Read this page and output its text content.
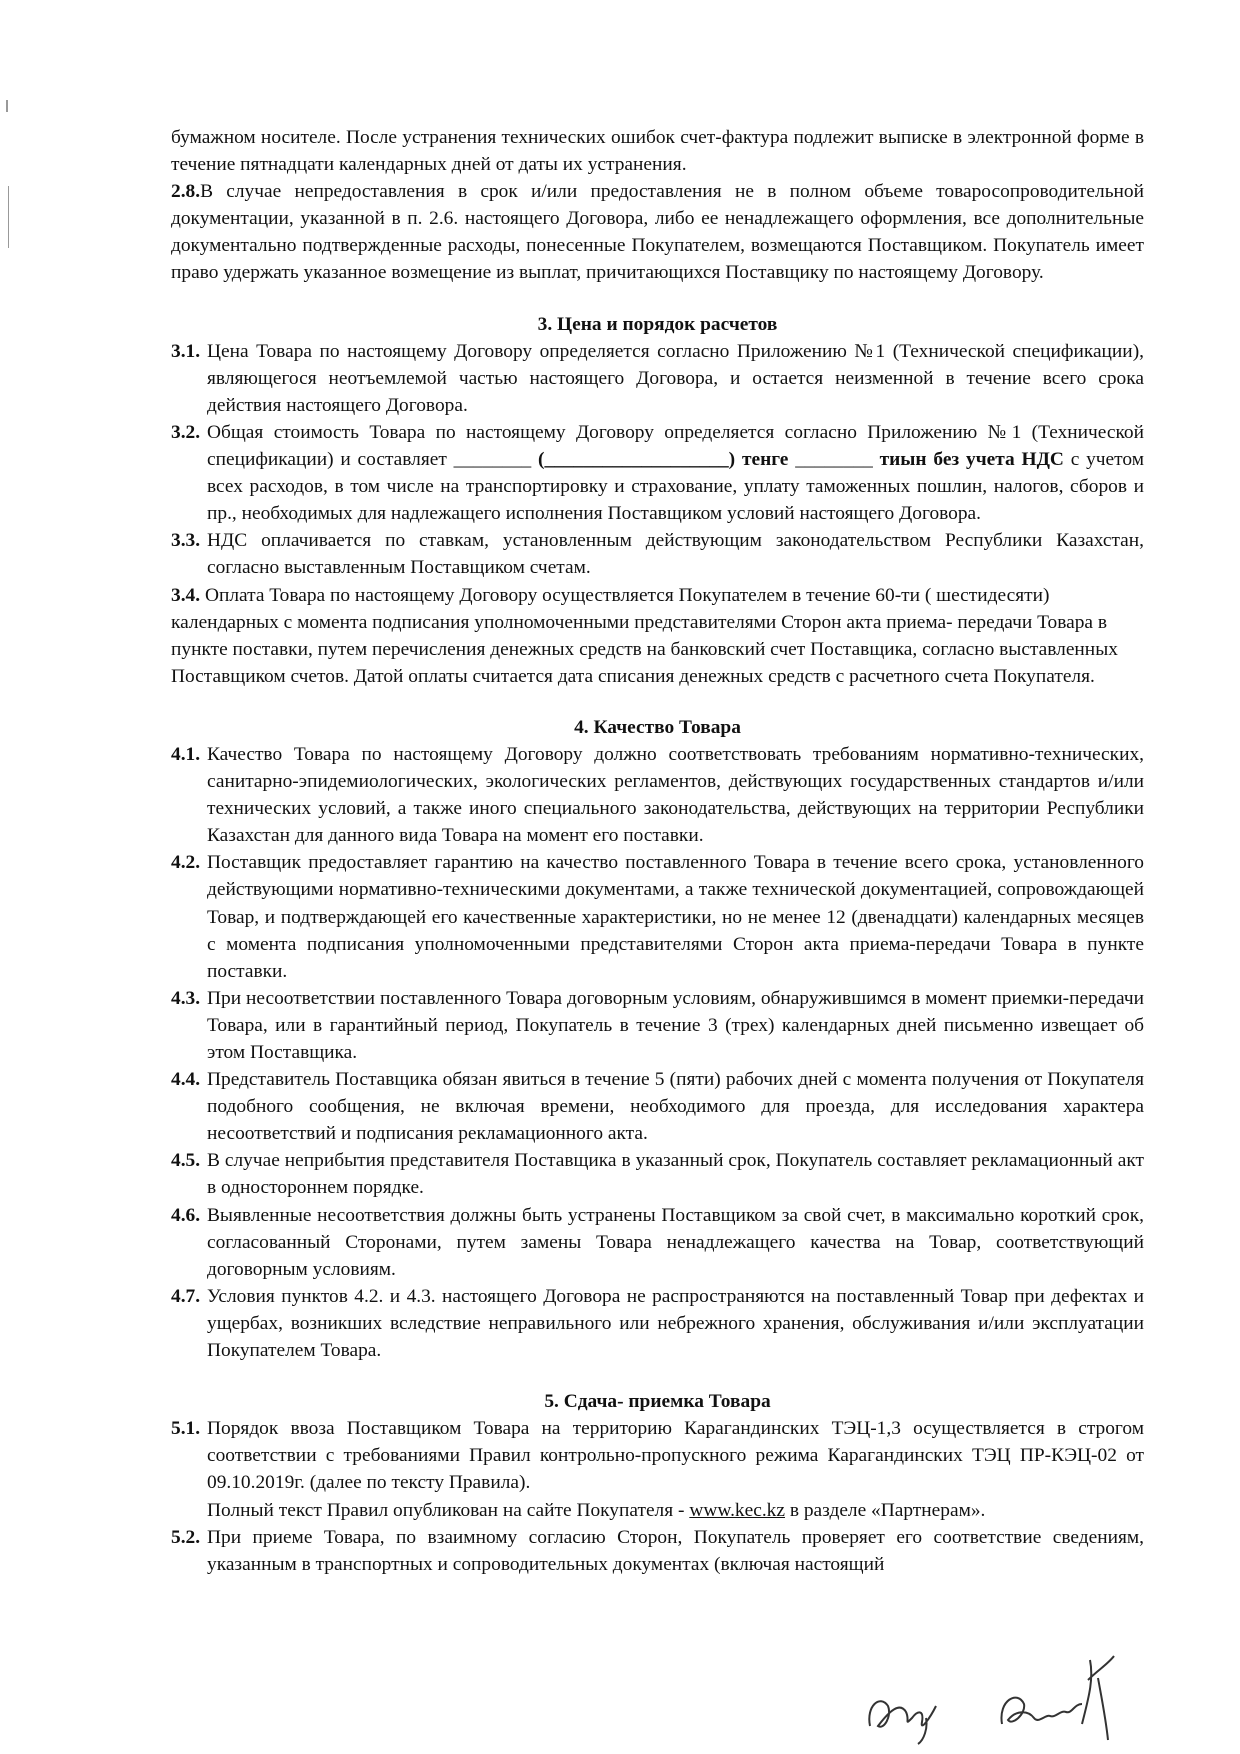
бумажном носителе. После устранения технических ошибок счет-фактура подлежит выписке в электронной форме в течение пятнадцати календарных дней от даты их устранения.

2.8.В случае непредоставления в срок и/или предоставления не в полном объеме товаросопроводительной документации, указанной в п. 2.6. настоящего Договора, либо ее ненадлежащего оформления, все дополнительные документально подтвержденные расходы, понесенные Покупателем, возмещаются Поставщиком. Покупатель имеет право удержать указанное возмещение из выплат, причитающихся Поставщику по настоящему Договору.

3. Цена и порядок расчетов

3.1. Цена Товара по настоящему Договору определяется согласно Приложению №1 (Технической спецификации), являющегося неотъемлемой частью настоящего Договора, и остается неизменной в течение всего срока действия настоящего Договора.
3.2. Общая стоимость Товара по настоящему Договору определяется согласно Приложению №1 (Технической спецификации) и составляет ________ (___________________) тенге ________ тиын без учета НДС с учетом всех расходов, в том числе на транспортировку и страхование, уплату таможенных пошлин, налогов, сборов и пр., необходимых для надлежащего исполнения Поставщиком условий настоящего Договора.
3.3. НДС оплачивается по ставкам, установленным действующим законодательством Республики Казахстан, согласно выставленным Поставщиком счетам.

3.4. Оплата Товара по настоящему Договору осуществляется Покупателем в течение 60-ти ( шестидесяти) календарных с момента подписания уполномоченными представителями Сторон акта приема- передачи Товара в пункте поставки, путем перечисления денежных средств на банковский счет Поставщика, согласно выставленных Поставщиком счетов. Датой оплаты считается дата списания денежных средств с расчетного счета Покупателя.

4. Качество Товара

4.1. Качество Товара по настоящему Договору должно соответствовать требованиям нормативно-технических, санитарно-эпидемиологических, экологических регламентов, действующих государственных стандартов и/или технических условий, а также иного специального законодательства, действующих на территории Республики Казахстан для данного вида Товара на момент его поставки.
4.2. Поставщик предоставляет гарантию на качество поставленного Товара в течение всего срока, установленного действующими нормативно-техническими документами, а также технической документацией, сопровождающей Товар, и подтверждающей его качественные характеристики, но не менее 12 (двенадцати) календарных месяцев с момента подписания уполномоченными представителями Сторон акта приема-передачи Товара в пункте поставки.
4.3. При несоответствии поставленного Товара договорным условиям, обнаружившимся в момент приемки-передачи Товара, или в гарантийный период, Покупатель в течение 3 (трех) календарных дней письменно извещает об этом Поставщика.
4.4. Представитель Поставщика обязан явиться в течение 5 (пяти) рабочих дней с момента получения от Покупателя подобного сообщения, не включая времени, необходимого для проезда, для исследования характера несоответствий и подписания рекламационного акта.
4.5. В случае неприбытия представителя Поставщика в указанный срок, Покупатель составляет рекламационный акт в одностороннем порядке.
4.6. Выявленные несоответствия должны быть устранены Поставщиком за свой счет, в максимально короткий срок, согласованный Сторонами, путем замены Товара ненадлежащего качества на Товар, соответствующий договорным условиям.
4.7. Условия пунктов 4.2. и 4.3. настоящего Договора не распространяются на поставленный Товар при дефектах и ущербах, возникших вследствие неправильного или небрежного хранения, обслуживания и/или эксплуатации Покупателем Товара.

5. Сдача- приемка Товара

5.1. Порядок ввоза Поставщиком Товара на территорию Карагандинских ТЭЦ-1,3 осуществляется в строгом соответствии с требованиями Правил контрольно-пропускного режима Карагандинских ТЭЦ ПР-КЭЦ-02 от 09.10.2019г. (далее по тексту Правила).
Полный текст Правил опубликован на сайте Покупателя - www.kec.kz в разделе «Партнерам».
5.2. При приеме Товара, по взаимному согласию Сторон, Покупатель проверяет его соответствие сведениям, указанным в транспортных и сопроводительных документах (включая настоящий
